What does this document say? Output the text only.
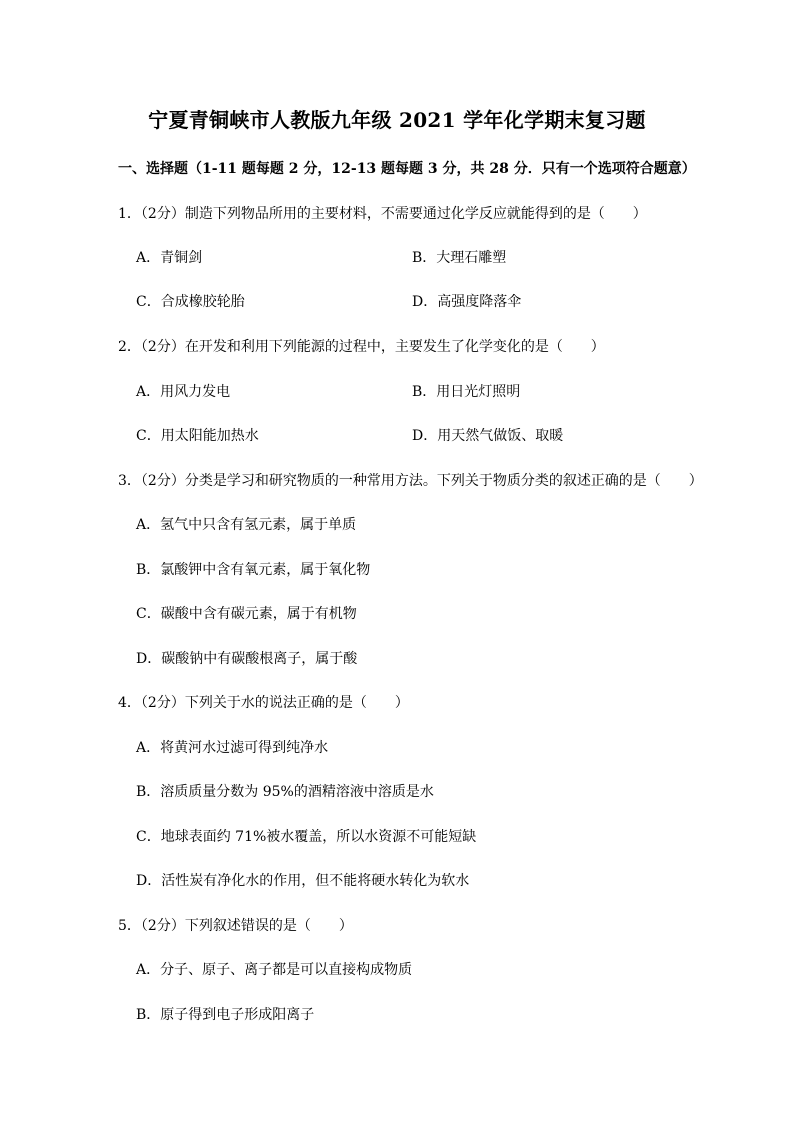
宁夏青铜峡市人教版九年级 2021 学年化学期末复习题
一、选择题（1-11 题每题 2 分，12-13 题每题 3 分，共 28 分．只有一个选项符合题意）
1．（2分）制造下列物品所用的主要材料，不需要通过化学反应就能得到的是（　　）
A．青铜剑	B．大理石雕塑
C．合成橡胶轮胎	D．高强度降落伞
2．（2分）在开发和利用下列能源的过程中，主要发生了化学变化的是（　　）
A．用风力发电	B．用日光灯照明
C．用太阳能加热水	D．用天然气做饭、取暖
3．（2分）分类是学习和研究物质的一种常用方法。下列关于物质分类的叙述正确的是（　　）
A．氢气中只含有氢元素，属于单质
B．氯酸钾中含有氧元素，属于氧化物
C．碳酸中含有碳元素，属于有机物
D．碳酸钠中有碳酸根离子，属于酸
4．（2分）下列关于水的说法正确的是（　　）
A．将黄河水过滤可得到纯净水
B．溶质质量分数为 95%的酒精溶液中溶质是水
C．地球表面约 71%被水覆盖，所以水资源不可能短缺
D．活性炭有净化水的作用，但不能将硬水转化为软水
5．（2分）下列叙述错误的是（　　）
A．分子、原子、离子都是可以直接构成物质
B．原子得到电子形成阳离子
